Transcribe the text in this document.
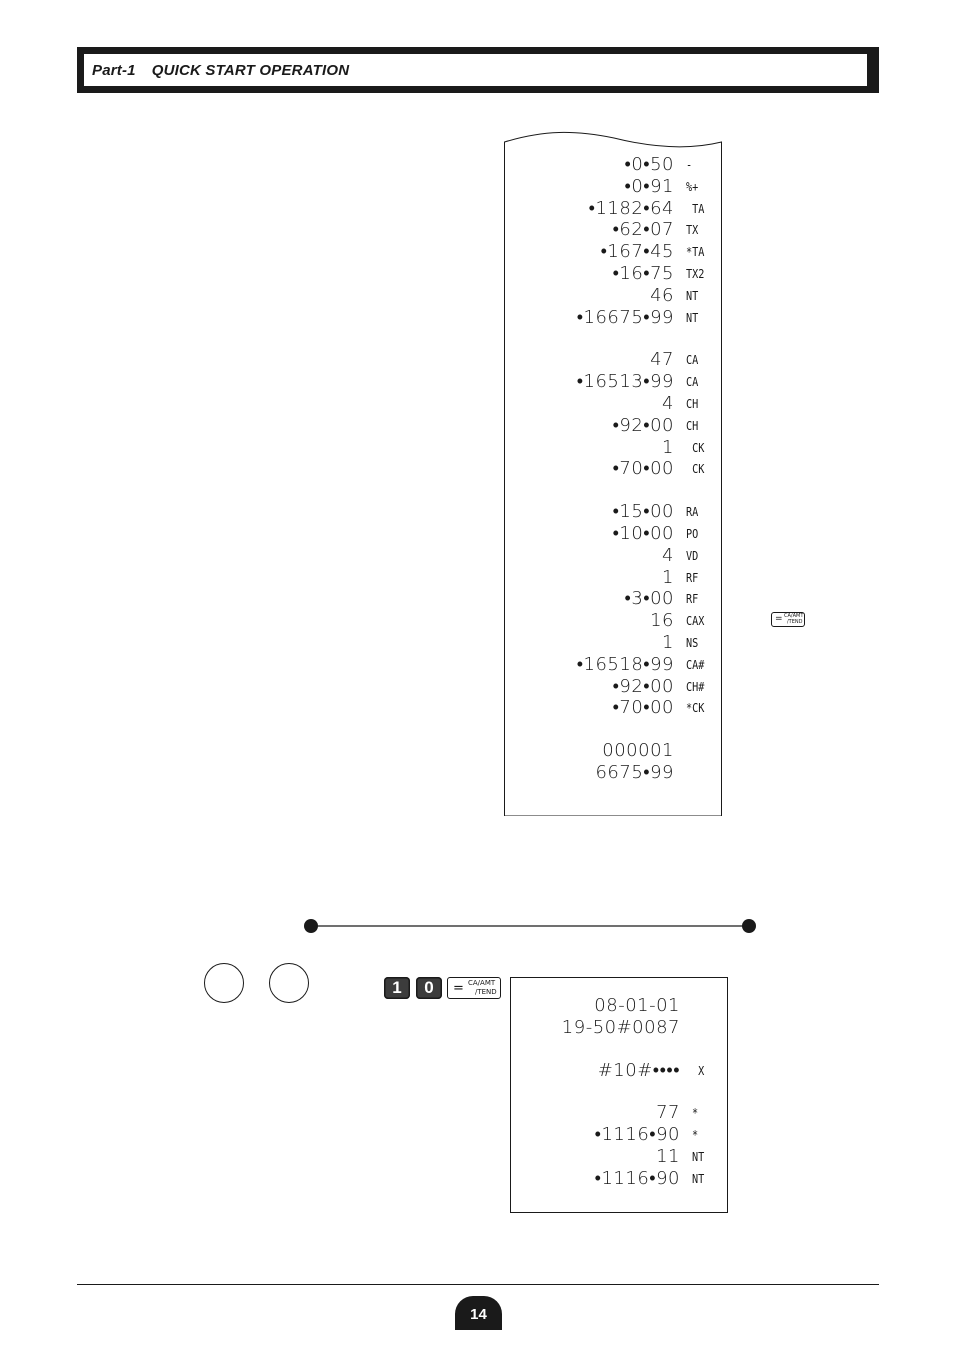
Part-1 QUICK START OPERATION
•0•50 -
•0•91 %+
•1182•64 TA
•62•07 TX
•167•45 *TA
•16•75 TX2
46 NT
•16675•99 NT
47 CA
•16513•99 CA
4 CH
•92•00 CH
1 CK
•70•00 CK
•15•00 RA
•10•00 PO
4 VD
1 RF
•3•00 RF
16 CAX
1 NS
•16518•99 CA#
•92•00 CH#
•70•00 *CK
000001
6675•99
= CA/AMT
/TEND
1	0	= CA/AMT
/TEND
08-01-01
19-50#0087
#10#•••• X
77 *
•1116•90 *
11 NT
•1116•90 NT
14
